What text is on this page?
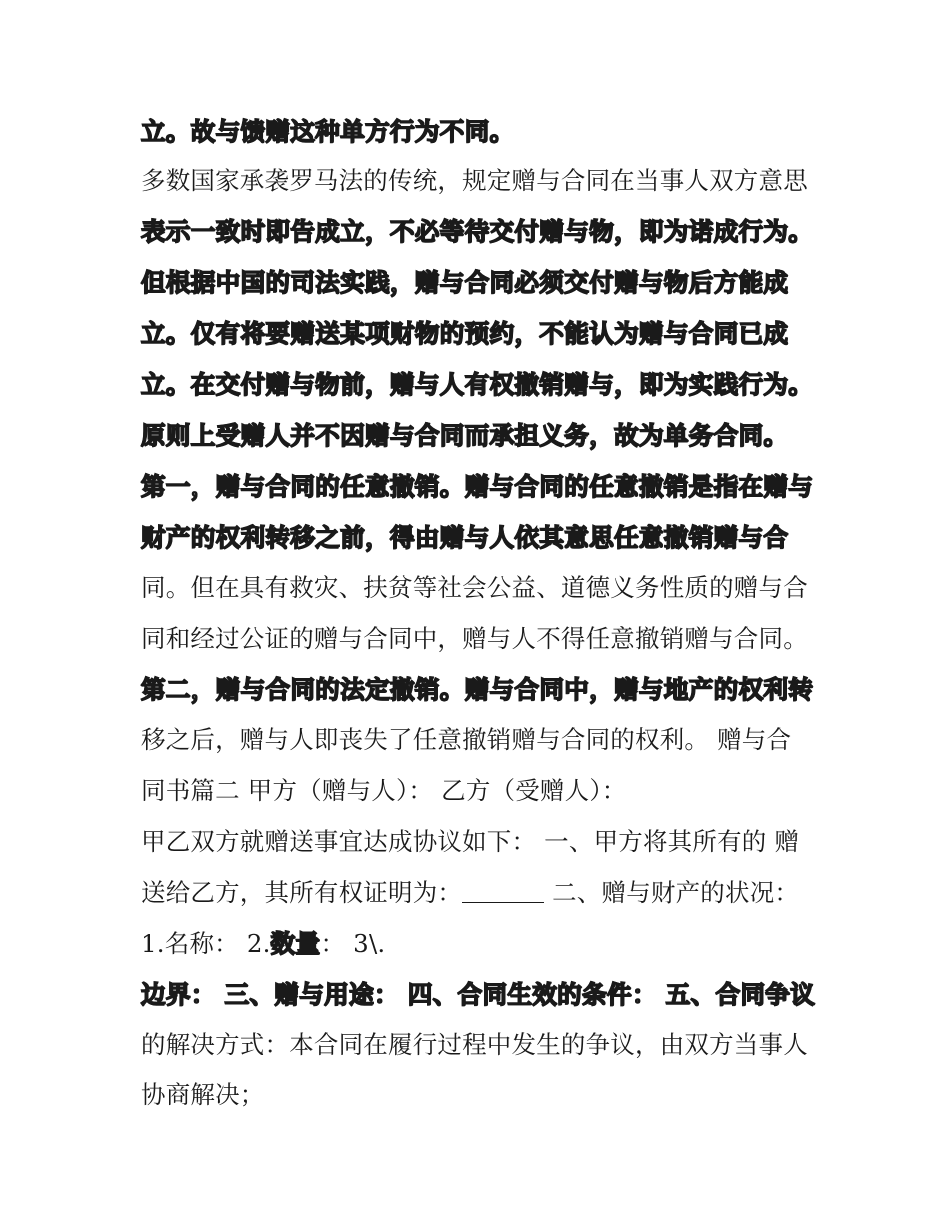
立。故与馈赠这种单方行为不同。
多数国家承袭罗马法的传统，规定赠与合同在当事人双方意思
表示一致时即告成立，不必等待交付赠与物，即为诺成行为。
但根据中国的司法实践，赠与合同必须交付赠与物后方能成
立。仅有将要赠送某项财物的预约，不能认为赠与合同已成
立。在交付赠与物前，赠与人有权撤销赠与，即为实践行为。
原则上受赠人并不因赠与合同而承担义务，故为单务合同。
第一，赠与合同的任意撤销。赠与合同的任意撤销是指在赠与
财产的权利转移之前，得由赠与人依其意思任意撤销赠与合
同。但在具有救灾、扶贫等社会公益、道德义务性质的赠与合
同和经过公证的赠与合同中，赠与人不得任意撤销赠与合同。
第二，赠与合同的法定撤销。赠与合同中，赠与地产的权利转
移之后，赠与人即丧失了任意撤销赠与合同的权利。 赠与合
同书篇二 甲方（赠与人）： 乙方（受赠人）：
甲乙双方就赠送事宜达成协议如下： 一、甲方将其所有的 赠
送给乙方，其所有权证明为：	二、赠与财产的状况：
1.名称： 2.数量： 3\.
边界： 三、赠与用途： 四、合同生效的条件： 五、合同争议
的解决方式：本合同在履行过程中发生的争议，由双方当事人
协商解决；
